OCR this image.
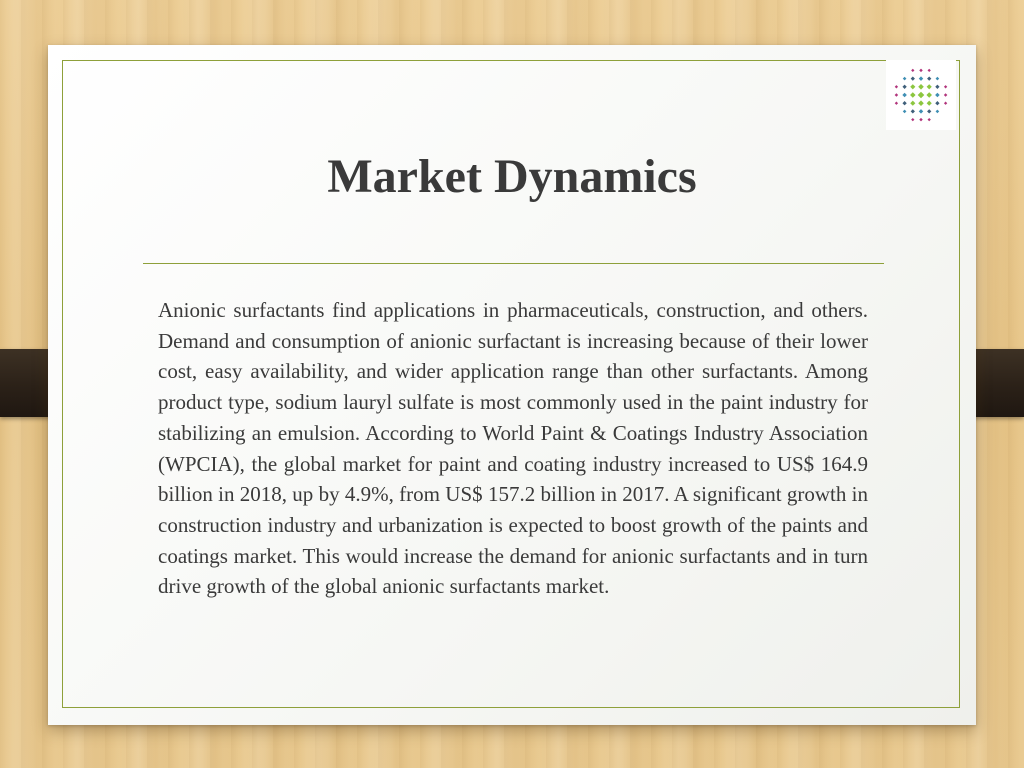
Market Dynamics

Anionic surfactants find applications in pharmaceuticals, construction, and others. Demand and consumption of anionic surfactant is increasing because of their lower cost, easy availability, and wider application range than other surfactants. Among product type, sodium lauryl sulfate is most commonly used in the paint industry for stabilizing an emulsion. According to World Paint & Coatings Industry Association (WPCIA), the global market for paint and coating industry increased to US$ 164.9 billion in 2018, up by 4.9%, from US$ 157.2 billion in 2017. A significant growth in construction industry and urbanization is expected to boost growth of the paints and coatings market. This would increase the demand for anionic surfactants and in turn drive growth of the global anionic surfactants market.
